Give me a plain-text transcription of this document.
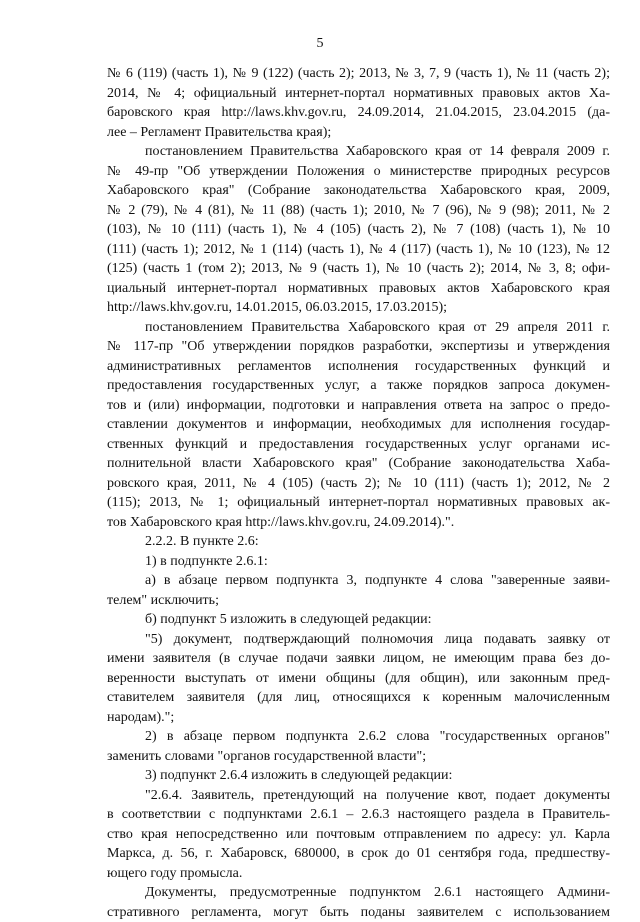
5
№ 6 (119) (часть 1), № 9 (122) (часть 2); 2013, № 3, 7, 9 (часть 1), № 11 (часть 2);
2014, № 4; официальный интернет-портал нормативных правовых актов Ха-
баровского края http://laws.khv.gov.ru, 24.09.2014, 21.04.2015, 23.04.2015 (да-
лее – Регламент Правительства края);
постановлением Правительства Хабаровского края от 14 февраля 2009 г.
№ 49-пр "Об утверждении Положения о министерстве природных ресурсов
Хабаровского края" (Собрание законодательства Хабаровского края, 2009,
№ 2 (79), № 4 (81), № 11 (88) (часть 1); 2010, № 7 (96), № 9 (98); 2011, № 2
(103), № 10 (111) (часть 1), № 4 (105) (часть 2), № 7 (108) (часть 1), № 10
(111) (часть 1); 2012, № 1 (114) (часть 1), № 4 (117) (часть 1), № 10 (123), № 12
(125) (часть 1 (том 2); 2013, № 9 (часть 1), № 10 (часть 2); 2014, № 3, 8; офи-
циальный интернет-портал нормативных правовых актов Хабаровского края
http://laws.khv.gov.ru, 14.01.2015, 06.03.2015, 17.03.2015);
постановлением Правительства Хабаровского края от 29 апреля 2011 г.
№ 117-пр "Об утверждении порядков разработки, экспертизы и утверждения
административных регламентов исполнения государственных функций и
предоставления государственных услуг, а также порядков запроса докумен-
тов и (или) информации, подготовки и направления ответа на запрос о предо-
ставлении документов и информации, необходимых для исполнения государ-
ственных функций и предоставления государственных услуг органами ис-
полнительной власти Хабаровского края" (Собрание законодательства Хаба-
ровского края, 2011, № 4 (105) (часть 2); № 10 (111) (часть 1); 2012, № 2
(115); 2013, № 1; официальный интернет-портал нормативных правовых ак-
тов Хабаровского края http://laws.khv.gov.ru, 24.09.2014).".
2.2.2. В пункте 2.6:
1) в подпункте 2.6.1:
а) в абзаце первом подпункта 3, подпункте 4 слова "заверенные заяви-
телем" исключить;
б) подпункт 5 изложить в следующей редакции:
"5) документ, подтверждающий полномочия лица подавать заявку от
имени заявителя (в случае подачи заявки лицом, не имеющим права без до-
веренности выступать от имени общины (для общин), или законным пред-
ставителем заявителя (для лиц, относящихся к коренным малочисленным
народам).";
2) в абзаце первом подпункта 2.6.2 слова "государственных органов"
заменить словами "органов государственной власти";
3) подпункт 2.6.4 изложить в следующей редакции:
"2.6.4. Заявитель, претендующий на получение квот, подает документы
в соответствии с подпунктами 2.6.1 – 2.6.3 настоящего раздела в Правитель-
ство края непосредственно или почтовым отправлением по адресу: ул. Карла
Маркса, д. 56, г. Хабаровск, 680000, в срок до 01 сентября года, предшеству-
ющего году промысла.
Документы, предусмотренные подпунктом 2.6.1 настоящего Админи-
стративного регламента, могут быть поданы заявителем с использованием
